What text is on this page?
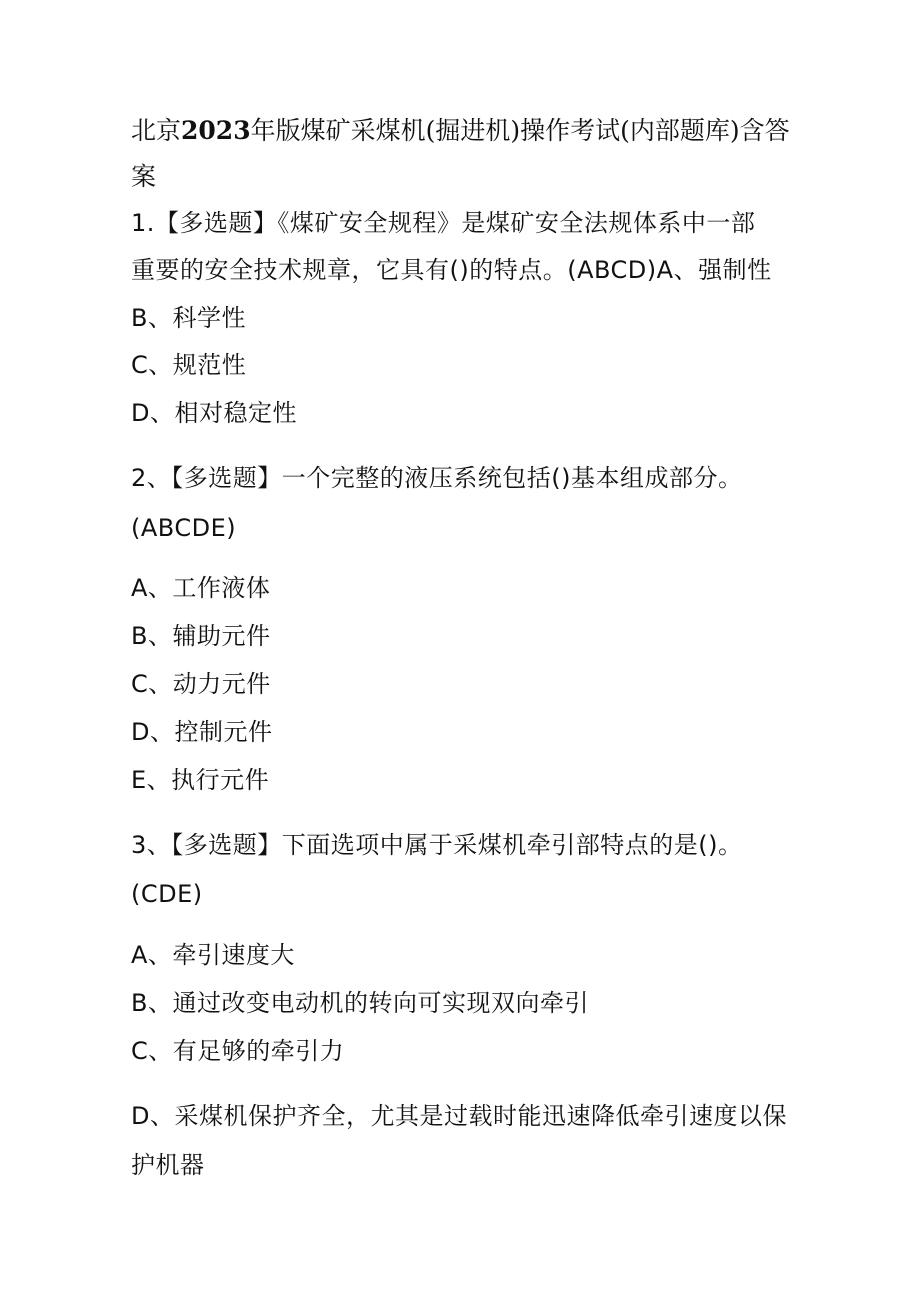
北京2023年版煤矿采煤机(掘进机)操作考试(内部题库)含答

案

1.【多选题】《煤矿安全规程》是煤矿安全法规体系中一部

重要的安全技术规章，它具有()的特点。(ABCD)A、强制性

B、科学性

C、规范性

D、相对稳定性

2、【多选题】一个完整的液压系统包括()基本组成部分。

(ABCDE)

A、工作液体

B、辅助元件

C、动力元件

D、控制元件

E、执行元件

3、【多选题】下面选项中属于采煤机牵引部特点的是()。

(CDE)

A、牵引速度大

B、通过改变电动机的转向可实现双向牵引

C、有足够的牵引力

D、采煤机保护齐全，尤其是过载时能迅速降低牵引速度以保

护机器
